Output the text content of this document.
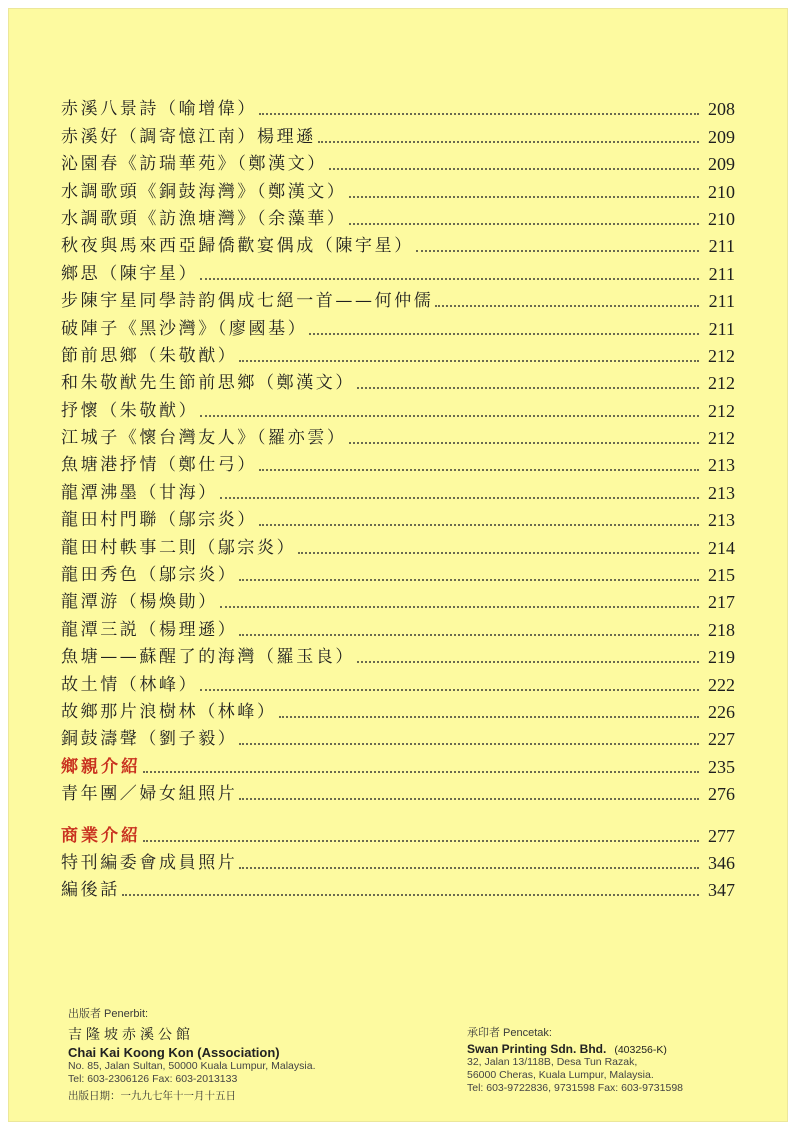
赤溪八景詩（喻增偉）	208
赤溪好（調寄憶江南）楊理遜	209
沁園春《訪瑞華苑》（鄭漢文）	209
水調歌頭《銅鼓海灣》（鄭漢文）	210
水調歌頭《訪漁塘灣》（余藻華）	210
秋夜與馬來西亞歸僑歡宴偶成（陳宇星）	211
鄉思（陳宇星）	211
步陳宇星同學詩韵偶成七絕一首——何仲儒	211
破陣子《黑沙灣》（廖國基）	211
節前思鄉（朱敬猷）	212
和朱敬猷先生節前思鄉（鄭漢文）	212
抒懷（朱敬猷）	212
江城子《懷台灣友人》（羅亦雲）	212
魚塘港抒情（鄭仕弓）	213
龍潭沸墨（甘海）	213
龍田村門聯（鄔宗炎）	213
龍田村軼事二則（鄔宗炎）	214
龍田秀色（鄔宗炎）	215
龍潭游（楊煥勛）	217
龍潭三説（楊理遜）	218
魚塘——蘇醒了的海灣（羅玉良）	219
故土情（林峰）	222
故鄉那片浪樹林（林峰）	226
銅鼓濤聲（劉子毅）	227
鄉親介紹	235
青年團／婦女組照片	276
商業介紹	277
特刊編委會成員照片	346
編後話	347
出版者 Penerbit:
吉隆坡赤溪公館
Chai Kai Koong Kon (Association)
No. 85, Jalan Sultan, 50000 Kuala Lumpur, Malaysia.
Tel: 603-2306126 Fax: 603-2013133
出版日期：一九九七年十一月十五日
承印者 Pencetak:
Swan Printing Sdn. Bhd. (403256-K)
32, Jalan 13/118B, Desa Tun Razak,
56000 Cheras, Kuala Lumpur, Malaysia.
Tel: 603-9722836, 9731598 Fax: 603-9731598
